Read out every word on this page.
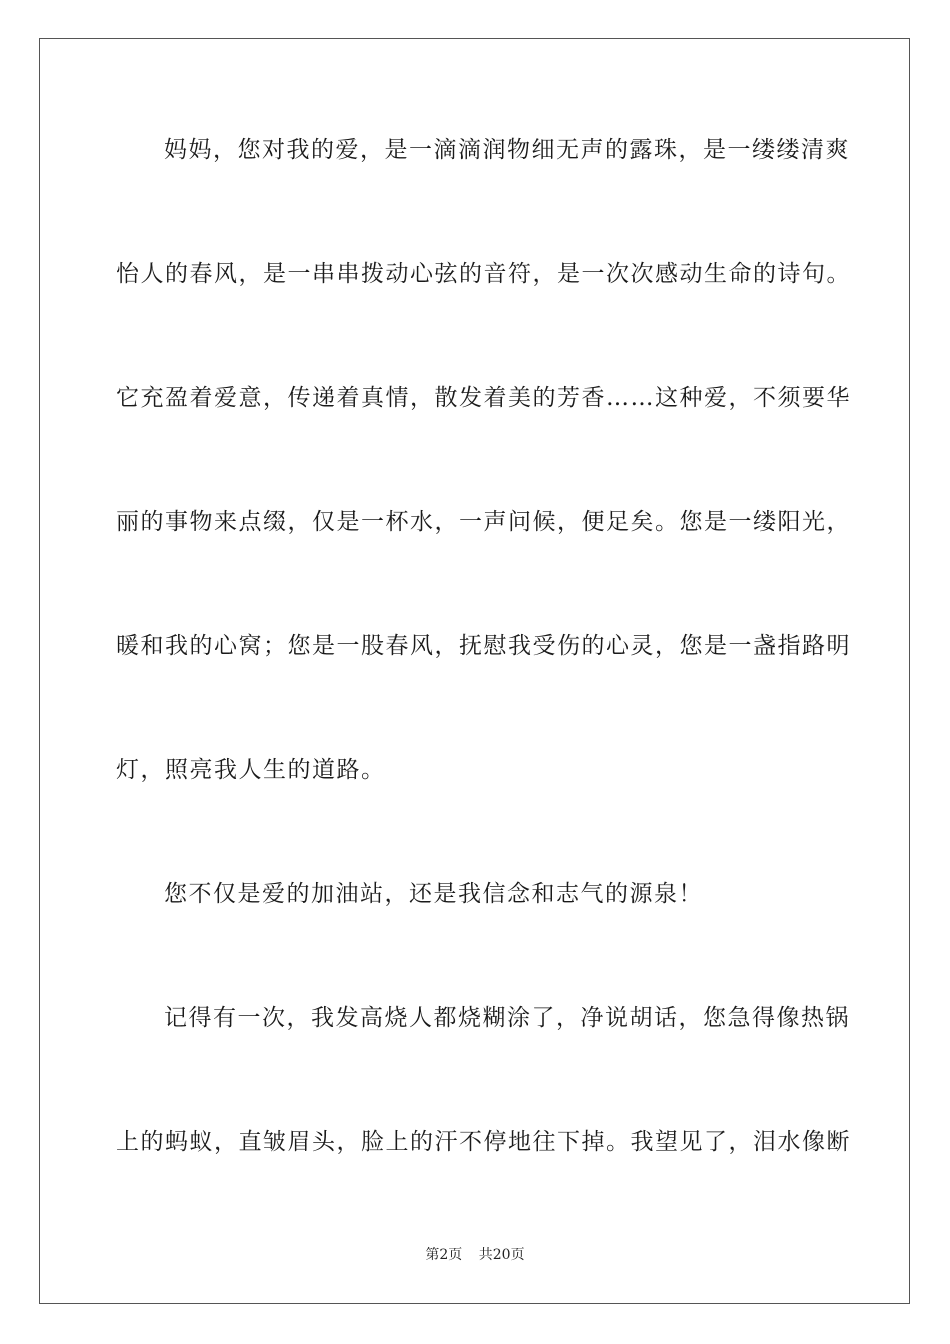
妈妈，您对我的爱，是一滴滴润物细无声的露珠，是一缕缕清爽
怡人的春风，是一串串拨动心弦的音符，是一次次感动生命的诗句。
它充盈着爱意，传递着真情，散发着美的芳香……这种爱，不须要华
丽的事物来点缀，仅是一杯水，一声问候，便足矣。您是一缕阳光，
暖和我的心窝；您是一股春风，抚慰我受伤的心灵，您是一盏指路明
灯，照亮我人生的道路。
您不仅是爱的加油站，还是我信念和志气的源泉！
记得有一次，我发高烧人都烧糊涂了，净说胡话，您急得像热锅
上的蚂蚁，直皱眉头，脸上的汗不停地往下掉。我望见了，泪水像断
第2页 共20页
